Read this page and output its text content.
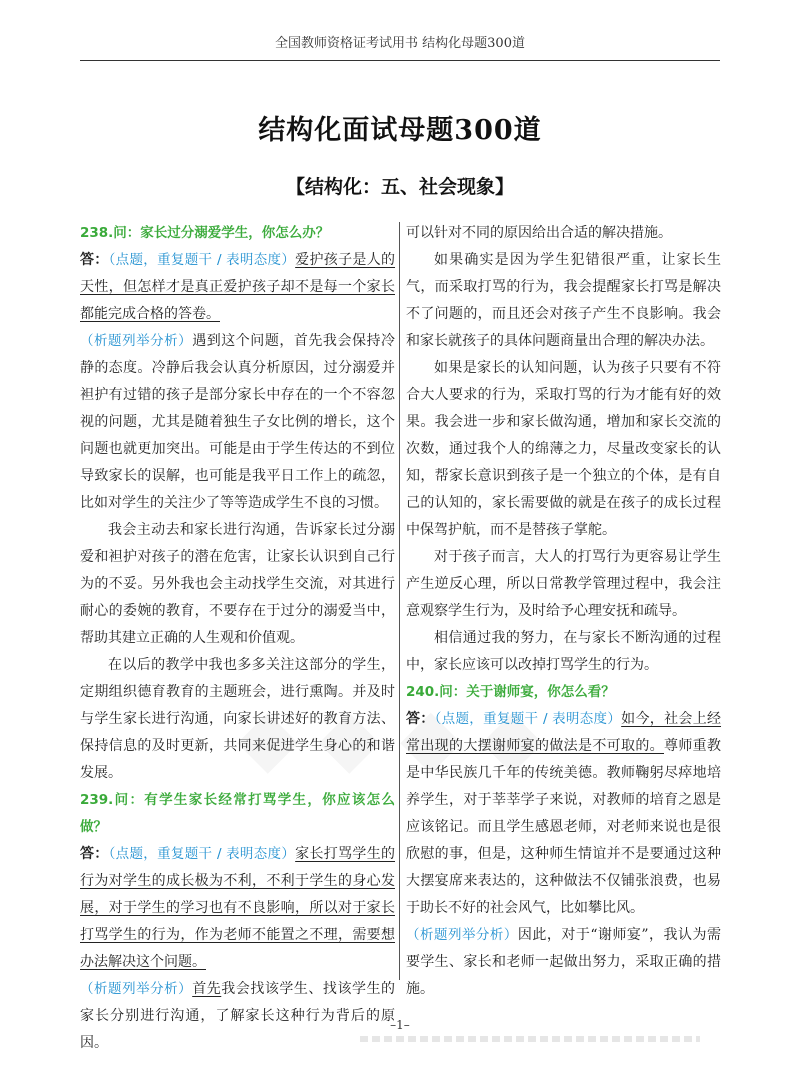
全国教师资格证考试用书 结构化母题300道
结构化面试母题300道
【结构化：五、社会现象】

238.问：家长过分溺爱学生，你怎么办？

答：（点题，重复题干 / 表明态度）爱护孩子是人的天性，但怎样才是真正爱护孩子却不是每一个家长都能完成合格的答卷。

（析题列举分析）遇到这个问题，首先我会保持冷静的态度。冷静后我会认真分析原因，过分溺爱并袒护有过错的孩子是部分家长中存在的一个不容忽视的问题，尤其是随着独生子女比例的增长，这个问题也就更加突出。可能是由于学生传达的不到位导致家长的误解，也可能是我平日工作上的疏忽，比如对学生的关注少了等等造成学生不良的习惯。

我会主动去和家长进行沟通，告诉家长过分溺爱和袒护对孩子的潜在危害，让家长认识到自己行为的不妥。另外我也会主动找学生交流，对其进行耐心的委婉的教育，不要存在于过分的溺爱当中，帮助其建立正确的人生观和价值观。

在以后的教学中我也多多关注这部分的学生，定期组织德育教育的主题班会，进行熏陶。并及时与学生家长进行沟通，向家长讲述好的教育方法、保持信息的及时更新，共同来促进学生身心的和谐发展。

239.问：有学生家长经常打骂学生，你应该怎么做？

答：（点题，重复题干 / 表明态度）家长打骂学生的行为对学生的成长极为不利，不利于学生的身心发展，对于学生的学习也有不良影响，所以对于家长打骂学生的行为，作为老师不能置之不理，需要想办法解决这个问题。

（析题列举分析）首先我会找该学生、找该学生的家长分别进行沟通，了解家长这种行为背后的原因。

可以针对不同的原因给出合适的解决措施。

如果确实是因为学生犯错很严重，让家长生气，而采取打骂的行为，我会提醒家长打骂是解决不了问题的，而且还会对孩子产生不良影响。我会和家长就孩子的具体问题商量出合理的解决办法。

如果是家长的认知问题，认为孩子只要有不符合大人要求的行为，采取打骂的行为才能有好的效果。我会进一步和家长做沟通，增加和家长交流的次数，通过我个人的绵薄之力，尽量改变家长的认知，帮家长意识到孩子是一个独立的个体，是有自己的认知的，家长需要做的就是在孩子的成长过程中保驾护航，而不是替孩子掌舵。

对于孩子而言，大人的打骂行为更容易让学生产生逆反心理，所以日常教学管理过程中，我会注意观察学生行为，及时给予心理安抚和疏导。

相信通过我的努力，在与家长不断沟通的过程中，家长应该可以改掉打骂学生的行为。

240.问：关于谢师宴，你怎么看？

答：（点题，重复题干 / 表明态度）如今，社会上经常出现的大摆谢师宴的做法是不可取的。尊师重教是中华民族几千年的传统美德。教师鞠躬尽瘁地培养学生，对于莘莘学子来说，对教师的培育之恩是应该铭记。而且学生感恩老师，对老师来说也是很欣慰的事，但是，这种师生情谊并不是要通过这种大摆宴席来表达的，这种做法不仅铺张浪费，也易于助长不好的社会风气，比如攀比风。

（析题列举分析）因此，对于“谢师宴”，我认为需要学生、家长和老师一起做出努力，采取正确的措施。

–1–
